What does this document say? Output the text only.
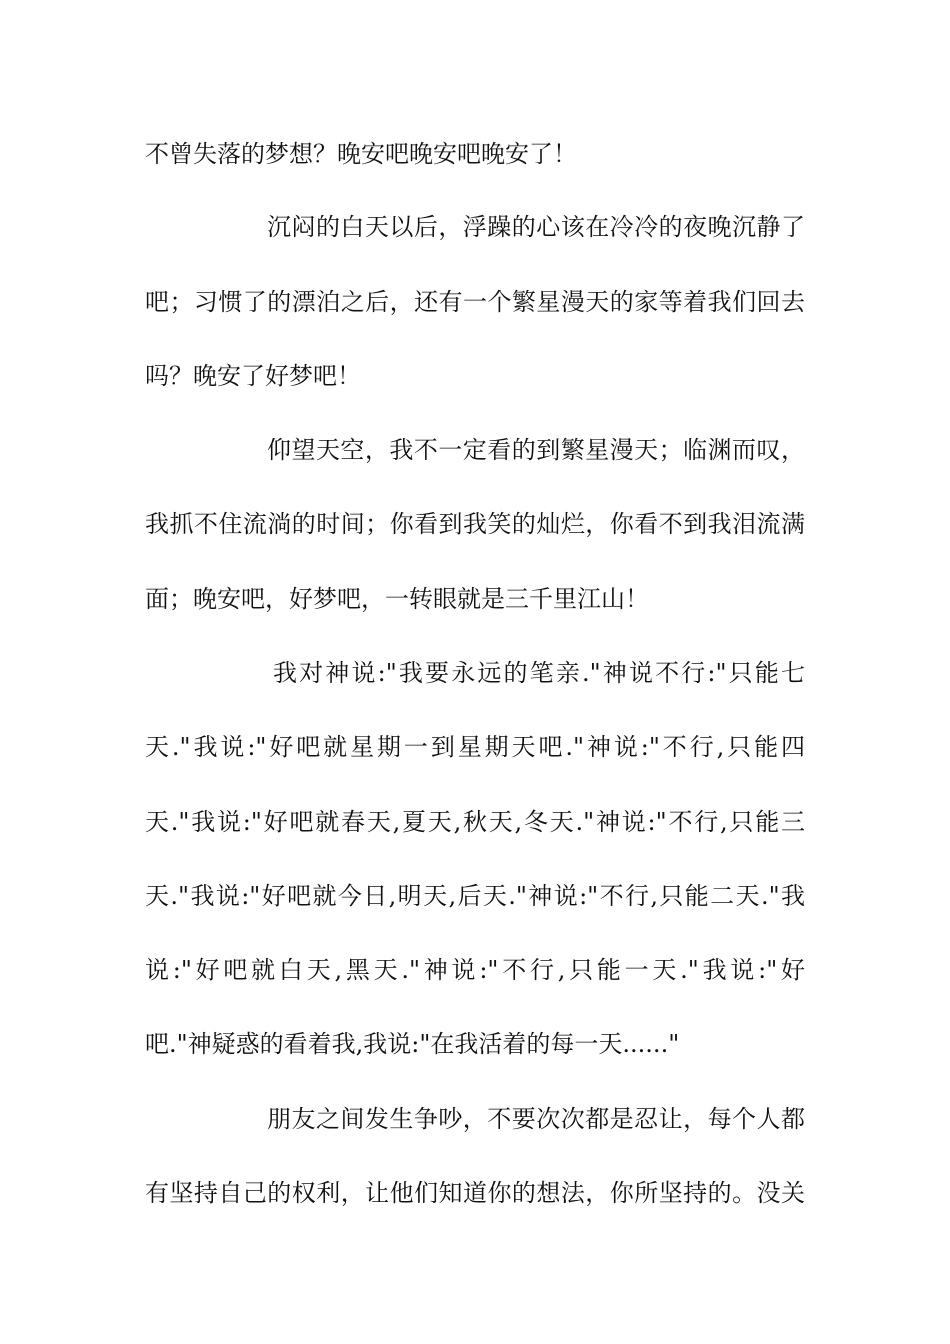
不曾失落的梦想？晚安吧晚安吧晚安了！

沉闷的白天以后，浮躁的心该在冷冷的夜晚沉静了

吧；习惯了的漂泊之后，还有一个繁星漫天的家等着我们回去

吗？晚安了好梦吧！

仰望天空，我不一定看的到繁星漫天；临渊而叹，

我抓不住流淌的时间；你看到我笑的灿烂，你看不到我泪流满

面；晚安吧，好梦吧，一转眼就是三千里江山！

我对神说:"我要永远的笔亲."神说不行:"只能七

天."我说:"好吧就星期一到星期天吧."神说:"不行,只能四

天."我说:"好吧就春天,夏天,秋天,冬天."神说:"不行,只能三

天."我说:"好吧就今日,明天,后天."神说:"不行,只能二天."我

说:"好吧就白天,黑天."神说:"不行,只能一天."我说:"好

吧."神疑惑的看着我,我说:"在我活着的每一天......"

朋友之间发生争吵，不要次次都是忍让，每个人都

有坚持自己的权利，让他们知道你的想法，你所坚持的。没关
